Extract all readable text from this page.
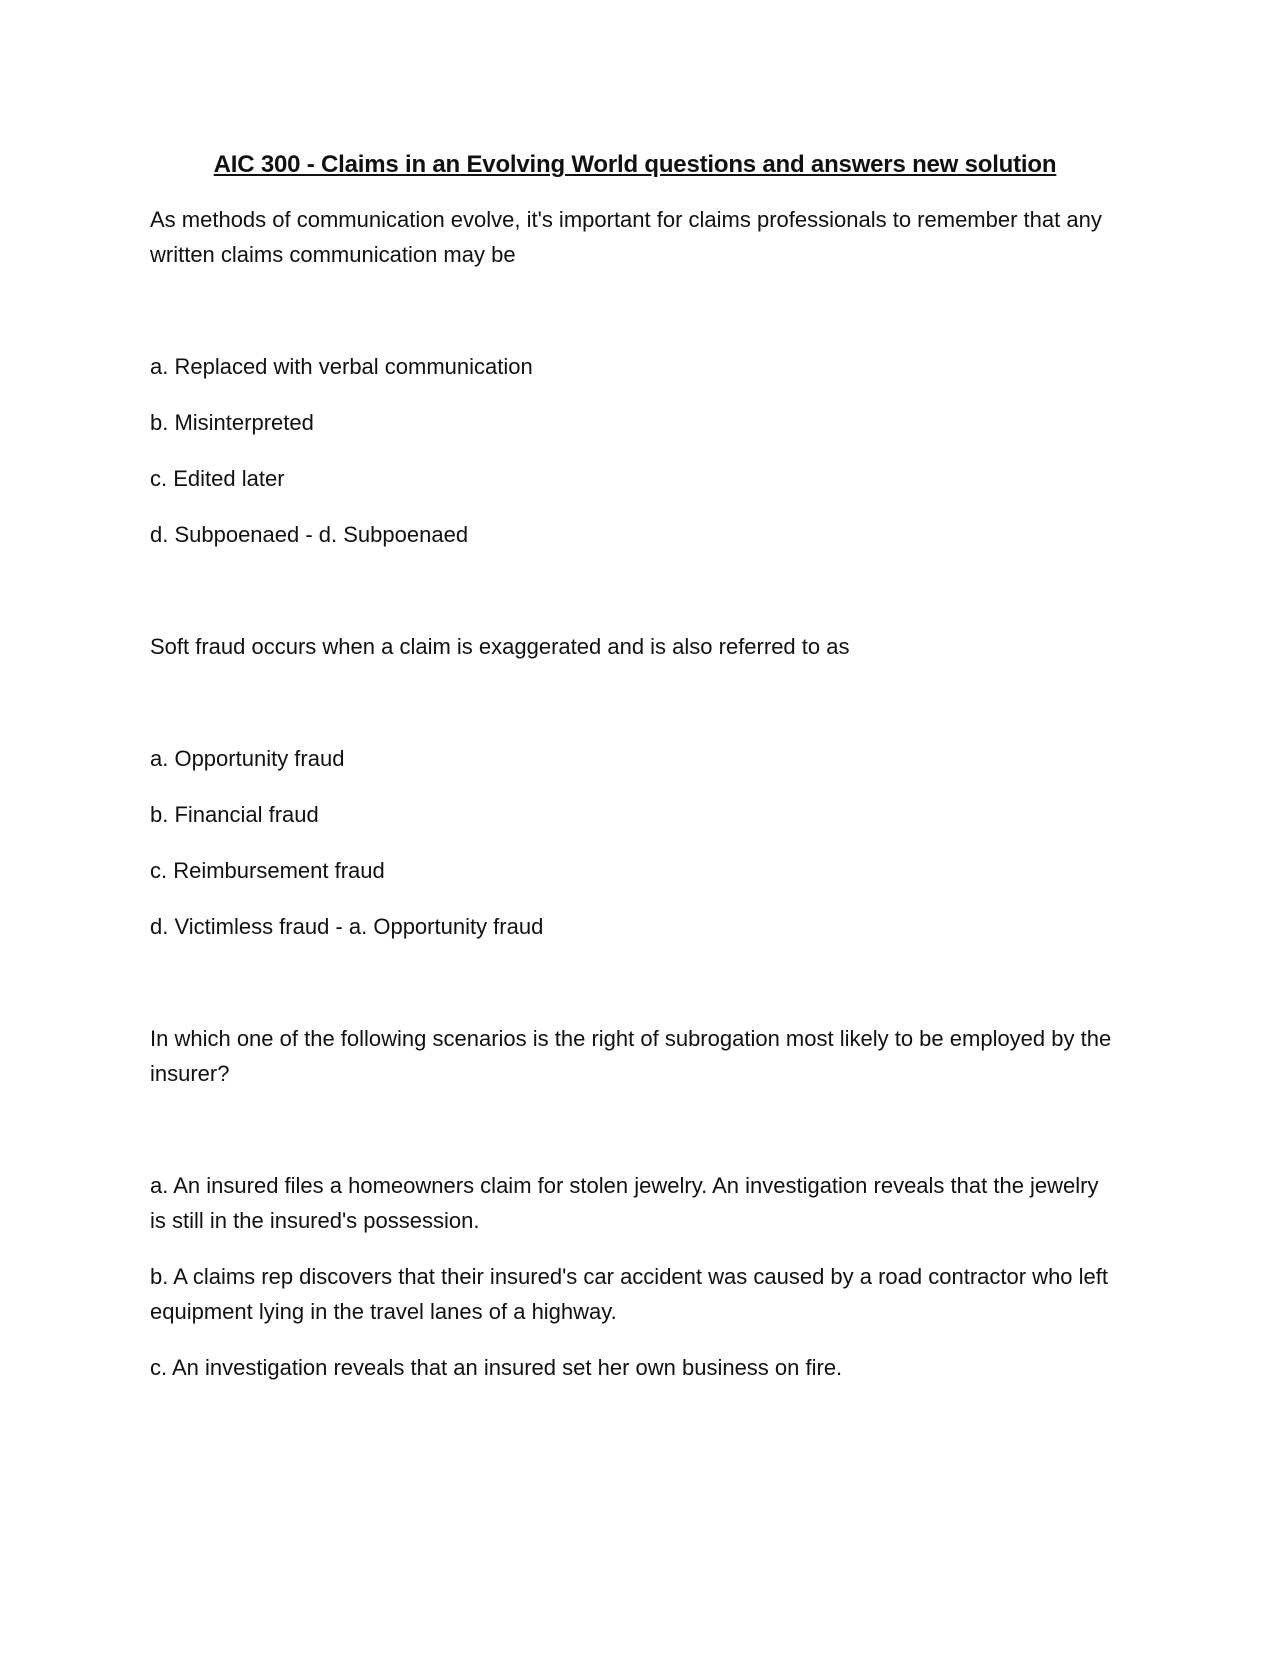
AIC 300 - Claims in an Evolving World questions and answers new solution

As methods of communication evolve, it's important for claims professionals to remember that any written claims communication may be

a. Replaced with verbal communication

b. Misinterpreted

c. Edited later

d. Subpoenaed - d. Subpoenaed

Soft fraud occurs when a claim is exaggerated and is also referred to as

a. Opportunity fraud

b. Financial fraud

c. Reimbursement fraud

d. Victimless fraud - a. Opportunity fraud

In which one of the following scenarios is the right of subrogation most likely to be employed by the insurer?

a. An insured files a homeowners claim for stolen jewelry. An investigation reveals that the jewelry is still in the insured's possession.

b. A claims rep discovers that their insured's car accident was caused by a road contractor who left equipment lying in the travel lanes of a highway.

c. An investigation reveals that an insured set her own business on fire.
